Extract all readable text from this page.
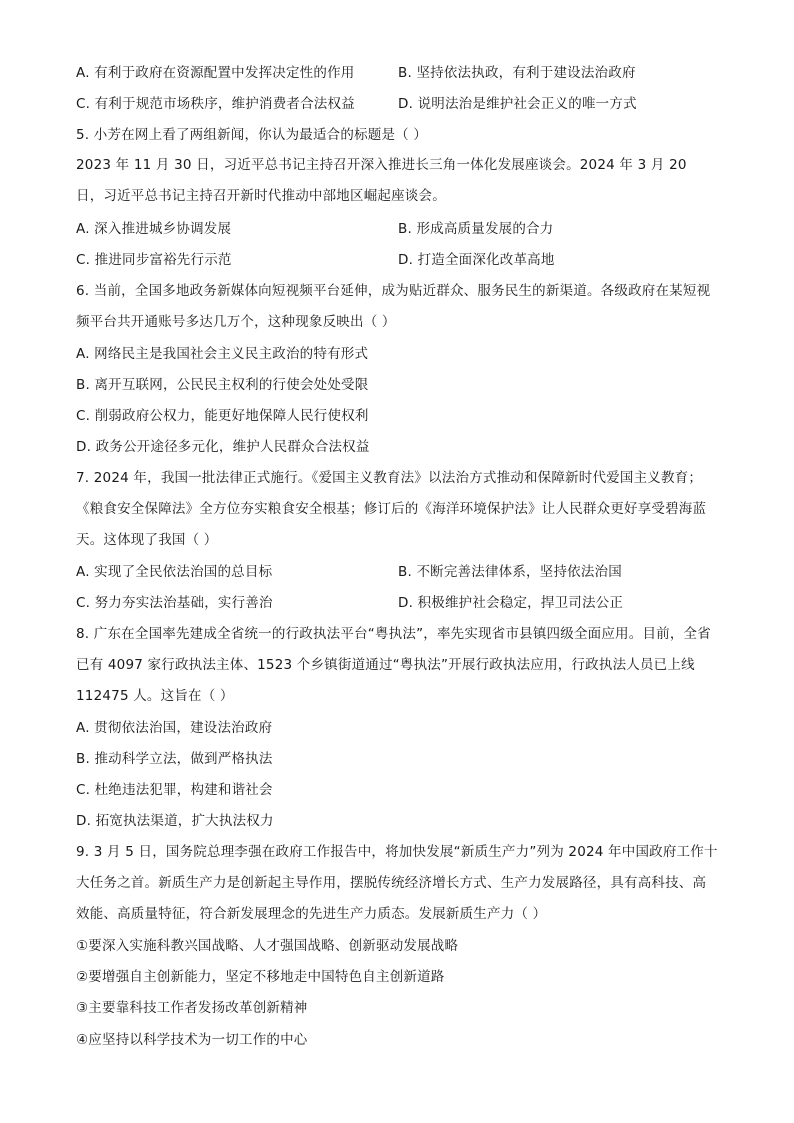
A. 有利于政府在资源配置中发挥决定性的作用	B. 坚持依法执政，有利于建设法治政府
C. 有利于规范市场秩序，维护消费者合法权益	D. 说明法治是维护社会正义的唯一方式
5. 小芳在网上看了两组新闻，你认为最适合的标题是（ ）
2023 年 11 月 30 日，习近平总书记主持召开深入推进长三角一体化发展座谈会。2024 年 3 月 20 日，习近平总书记主持召开新时代推动中部地区崛起座谈会。
A. 深入推进城乡协调发展	B. 形成高质量发展的合力
C. 推进同步富裕先行示范	D. 打造全面深化改革高地
6. 当前，全国多地政务新媒体向短视频平台延伸，成为贴近群众、服务民生的新渠道。各级政府在某短视频平台共开通账号多达几万个，这种现象反映出（ ）
A. 网络民主是我国社会主义民主政治的特有形式
B. 离开互联网，公民民主权利的行使会处处受限
C. 削弱政府公权力，能更好地保障人民行使权利
D. 政务公开途径多元化，维护人民群众合法权益
7. 2024 年，我国一批法律正式施行。《爱国主义教育法》以法治方式推动和保障新时代爱国主义教育；《粮食安全保障法》全方位夯实粮食安全根基；修订后的《海洋环境保护法》让人民群众更好享受碧海蓝天。这体现了我国（ ）
A. 实现了全民依法治国的总目标	B. 不断完善法律体系，坚持依法治国
C. 努力夯实法治基础，实行善治	D. 积极维护社会稳定，捍卫司法公正
8. 广东在全国率先建成全省统一的行政执法平台“粤执法”，率先实现省市县镇四级全面应用。目前，全省已有 4097 家行政执法主体、1523 个乡镇街道通过“粤执法”开展行政执法应用，行政执法人员已上线 112475 人。这旨在（ ）
A. 贯彻依法治国，建设法治政府
B. 推动科学立法，做到严格执法
C. 杜绝违法犯罪，构建和谐社会
D. 拓宽执法渠道，扩大执法权力
9. 3 月 5 日，国务院总理李强在政府工作报告中，将加快发展“新质生产力”列为 2024 年中国政府工作十大任务之首。新质生产力是创新起主导作用，摆脱传统经济增长方式、生产力发展路径，具有高科技、高效能、高质量特征，符合新发展理念的先进生产力质态。发展新质生产力（ ）
①要深入实施科教兴国战略、人才强国战略、创新驱动发展战略
②要增强自主创新能力，坚定不移地走中国特色自主创新道路
③主要靠科技工作者发扬改革创新精神
④应坚持以科学技术为一切工作的中心
